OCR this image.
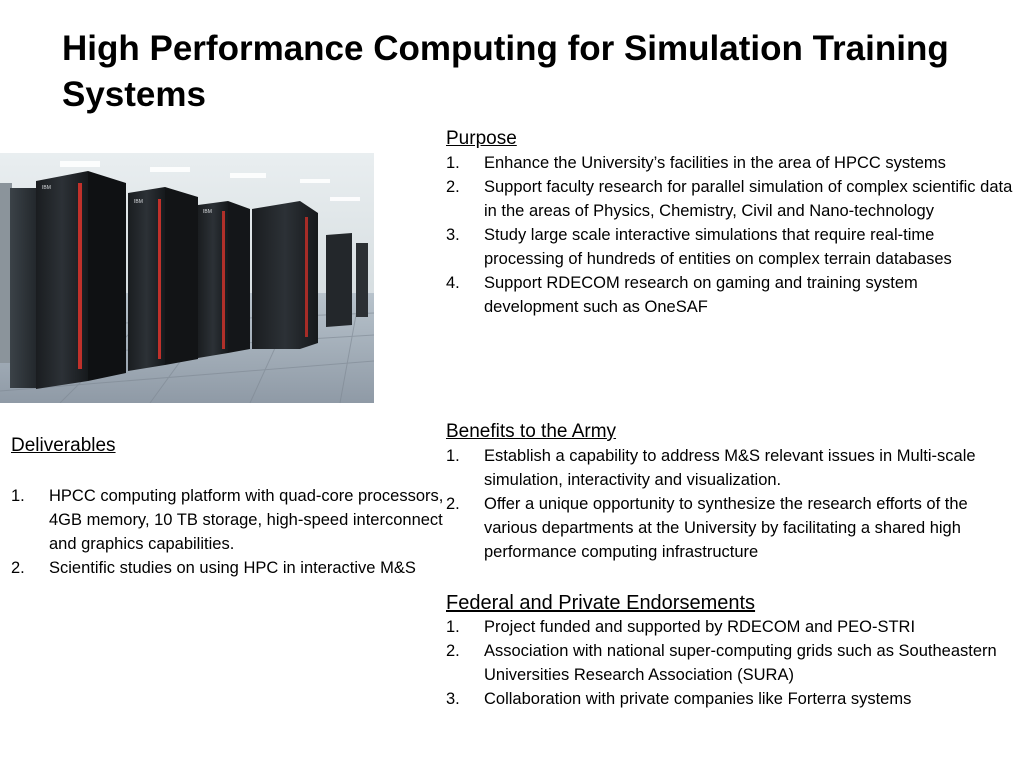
High Performance Computing for Simulation Training Systems
IBM
IBM
IBM
Deliverables
1. HPCC computing platform with quad-core processors, 4GB memory, 10 TB storage, high-speed interconnect and graphics capabilities.
2. Scientific studies on using HPC in interactive M&S
Purpose
1. Enhance the University’s facilities in the area of HPCC systems
2. Support faculty research for parallel simulation of complex scientific data in the areas of Physics, Chemistry, Civil and Nano-technology
3. Study large scale interactive simulations that require real-time processing of hundreds of entities on complex terrain databases
4. Support RDECOM research on gaming and training system development such as OneSAF
Benefits to the Army
1. Establish a capability to address M&S relevant issues in Multi-scale simulation, interactivity and visualization.
2. Offer a unique opportunity to synthesize the research efforts of the various departments at the University by facilitating a shared high performance computing infrastructure
Federal and Private Endorsements
1. Project funded and supported by RDECOM and PEO-STRI
2. Association with national super-computing grids such as Southeastern Universities Research Association (SURA)
3. Collaboration with private companies like Forterra systems
